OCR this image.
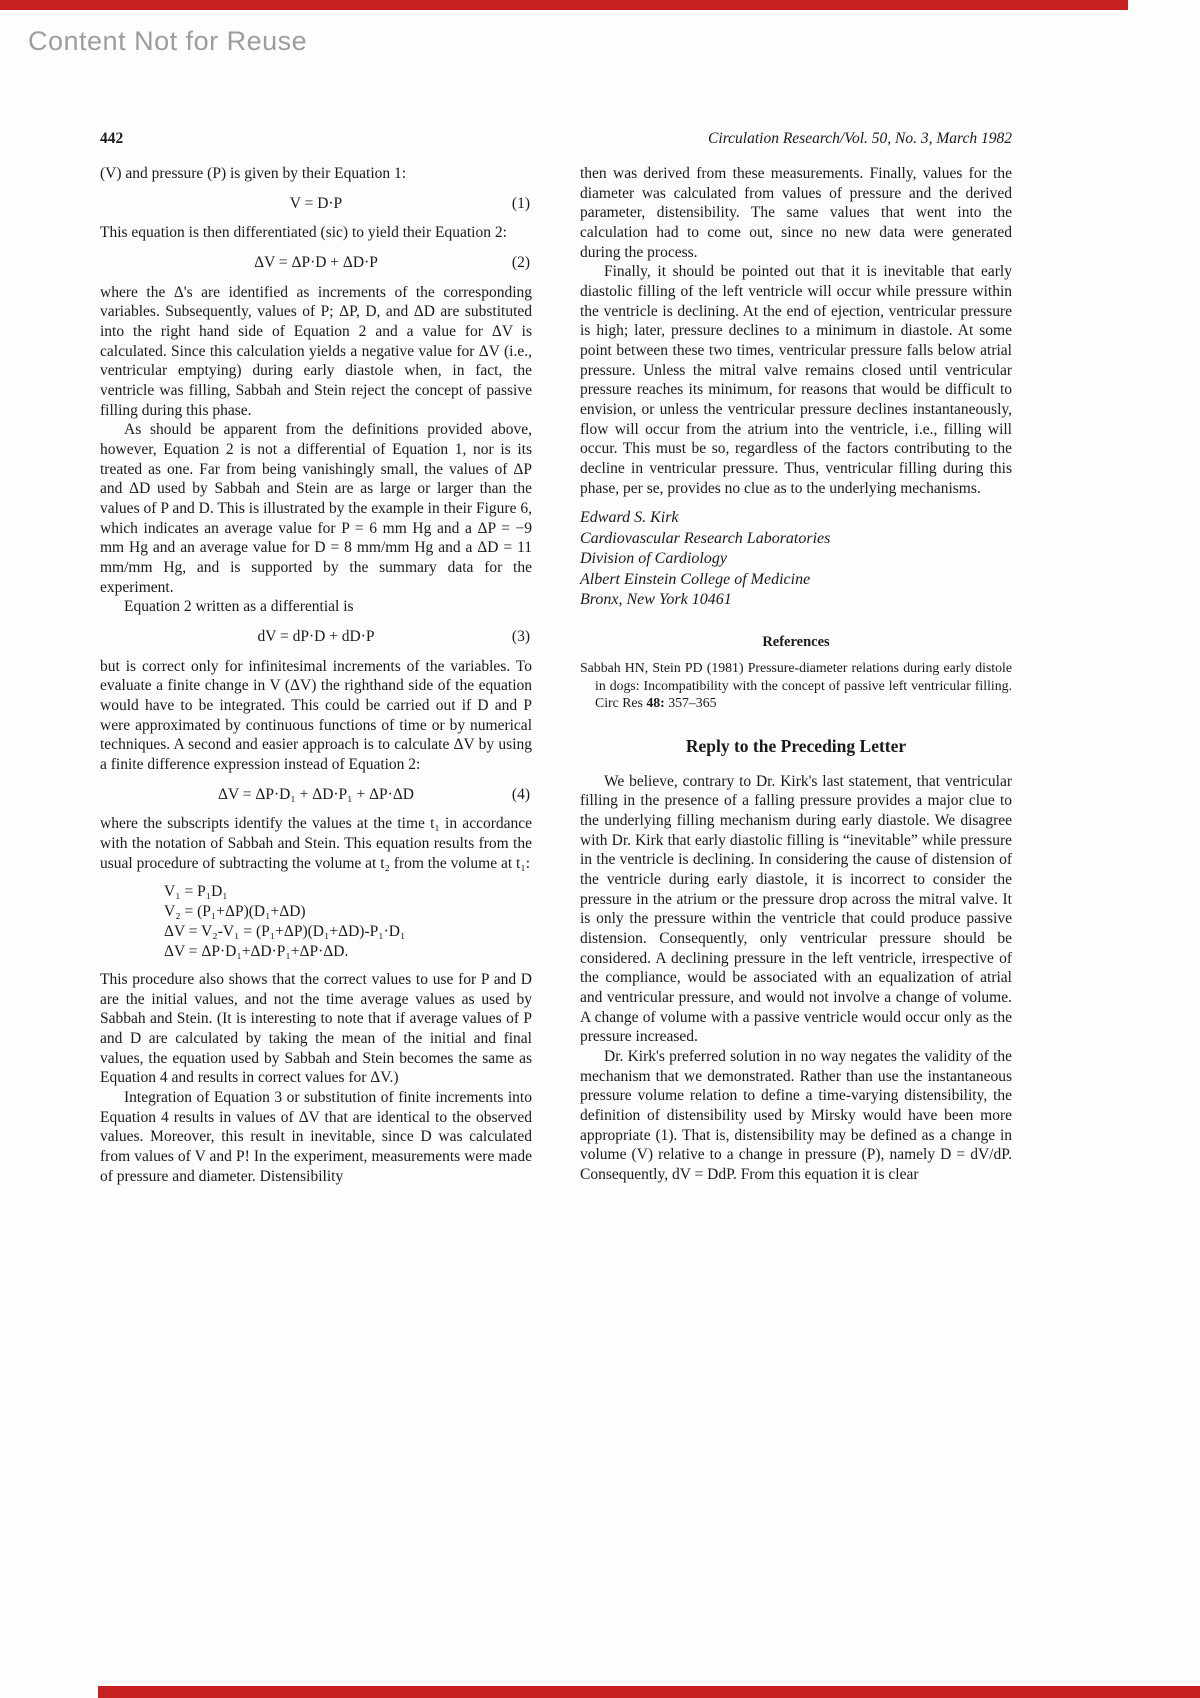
Content Not for Reuse
442	Circulation Research/Vol. 50, No. 3, March 1982
(V) and pressure (P) is given by their Equation 1:
V = D·P	(1)
This equation is then differentiated (sic) to yield their Equation 2:
ΔV = ΔP·D + ΔD·P	(2)
where the Δ's are identified as increments of the corresponding variables. Subsequently, values of P; ΔP, D, and ΔD are substituted into the right hand side of Equation 2 and a value for ΔV is calculated. Since this calculation yields a negative value for ΔV (i.e., ventricular emptying) during early diastole when, in fact, the ventricle was filling, Sabbah and Stein reject the concept of passive filling during this phase.
As should be apparent from the definitions provided above, however, Equation 2 is not a differential of Equation 1, nor is its treated as one. Far from being vanishingly small, the values of ΔP and ΔD used by Sabbah and Stein are as large or larger than the values of P and D. This is illustrated by the example in their Figure 6, which indicates an average value for P = 6 mm Hg and a ΔP = −9 mm Hg and an average value for D = 8 mm/mm Hg and a ΔD = 11 mm/mm Hg, and is supported by the summary data for the experiment.
Equation 2 written as a differential is
dV = dP·D + dD·P	(3)
but is correct only for infinitesimal increments of the variables. To evaluate a finite change in V (ΔV) the righthand side of the equation would have to be integrated. This could be carried out if D and P were approximated by continuous functions of time or by numerical techniques. A second and easier approach is to calculate ΔV by using a finite difference expression instead of Equation 2:
ΔV = ΔP·D₁ + ΔD·P₁ + ΔP·ΔD	(4)
where the subscripts identify the values at the time t₁ in accordance with the notation of Sabbah and Stein. This equation results from the usual procedure of subtracting the volume at t₂ from the volume at t₁:
V₁ = P₁D₁
V₂ = (P₁+ΔP)(D₁+ΔD)
ΔV = V₂-V₁ = (P₁+ΔP)(D₁+ΔD)-P₁·D₁
ΔV = ΔP·D₁+ΔD·P₁+ΔP·ΔD.
This procedure also shows that the correct values to use for P and D are the initial values, and not the time average values as used by Sabbah and Stein. (It is interesting to note that if average values of P and D are calculated by taking the mean of the initial and final values, the equation used by Sabbah and Stein becomes the same as Equation 4 and results in correct values for ΔV.)
Integration of Equation 3 or substitution of finite increments into Equation 4 results in values of ΔV that are identical to the observed values. Moreover, this result in inevitable, since D was calculated from values of V and P! In the experiment, measurements were made of pressure and diameter. Distensibility
then was derived from these measurements. Finally, values for the diameter was calculated from values of pressure and the derived parameter, distensibility. The same values that went into the calculation had to come out, since no new data were generated during the process.
Finally, it should be pointed out that it is inevitable that early diastolic filling of the left ventricle will occur while pressure within the ventricle is declining. At the end of ejection, ventricular pressure is high; later, pressure declines to a minimum in diastole. At some point between these two times, ventricular pressure falls below atrial pressure. Unless the mitral valve remains closed until ventricular pressure reaches its minimum, for reasons that would be difficult to envision, or unless the ventricular pressure declines instantaneously, flow will occur from the atrium into the ventricle, i.e., filling will occur. This must be so, regardless of the factors contributing to the decline in ventricular pressure. Thus, ventricular filling during this phase, per se, provides no clue as to the underlying mechanisms.
Edward S. Kirk
Cardiovascular Research Laboratories
Division of Cardiology
Albert Einstein College of Medicine
Bronx, New York 10461
References
Sabbah HN, Stein PD (1981) Pressure-diameter relations during early distole in dogs: Incompatibility with the concept of passive left ventricular filling. Circ Res 48: 357–365
Reply to the Preceding Letter
We believe, contrary to Dr. Kirk's last statement, that ventricular filling in the presence of a falling pressure provides a major clue to the underlying filling mechanism during early diastole. We disagree with Dr. Kirk that early diastolic filling is “inevitable” while pressure in the ventricle is declining. In considering the cause of distension of the ventricle during early diastole, it is incorrect to consider the pressure in the atrium or the pressure drop across the mitral valve. It is only the pressure within the ventricle that could produce passive distension. Consequently, only ventricular pressure should be considered. A declining pressure in the left ventricle, irrespective of the compliance, would be associated with an equalization of atrial and ventricular pressure, and would not involve a change of volume. A change of volume with a passive ventricle would occur only as the pressure increased.
Dr. Kirk's preferred solution in no way negates the validity of the mechanism that we demonstrated. Rather than use the instantaneous pressure volume relation to define a time-varying distensibility, the definition of distensibility used by Mirsky would have been more appropriate (1). That is, distensibility may be defined as a change in volume (V) relative to a change in pressure (P), namely D = dV/dP. Consequently, dV = DdP. From this equation it is clear
